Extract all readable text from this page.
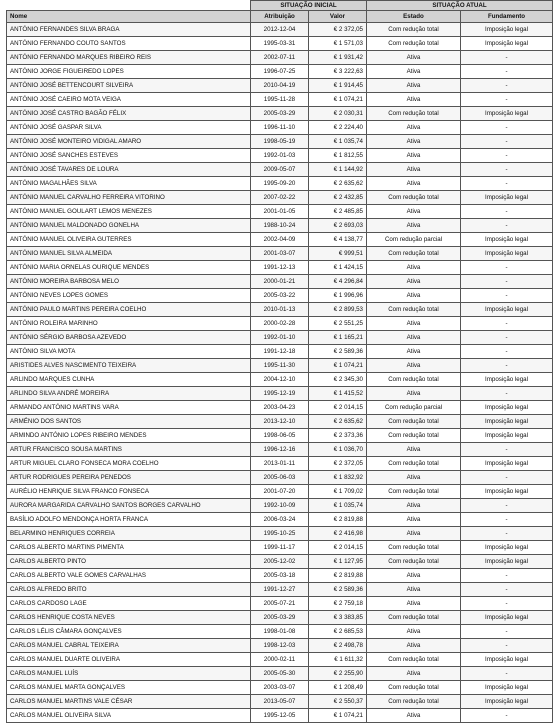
	SITUAÇÃO INICIAL		SITUAÇÃO ATUAL	
Nome	Atribuição	Valor	Estado	Fundamento
ANTÓNIO FERNANDES SILVA BRAGA	2012-12-04	€ 2 372,05	Com redução total	Imposição legal
ANTÓNIO FERNANDO COUTO SANTOS	1995-03-31	€ 1 571,03	Com redução total	Imposição legal
ANTÓNIO FERNANDO MARQUES RIBEIRO REIS	2002-07-11	€ 1 931,42	Ativa	-
ANTÓNIO JORGE FIGUEIREDO LOPES	1996-07-25	€ 3 222,63	Ativa	-
ANTÓNIO JOSÉ BETTENCOURT SILVEIRA	2010-04-19	€ 1 914,45	Ativa	-
ANTÓNIO JOSÉ CAEIRO MOTA VEIGA	1995-11-28	€ 1 074,21	Ativa	-
ANTÓNIO JOSÉ CASTRO BAGÃO FÉLIX	2005-03-29	€ 2 030,31	Com redução total	Imposição legal
ANTÓNIO JOSÉ GASPAR SILVA	1996-11-10	€ 2 224,40	Ativa	-
ANTÓNIO JOSÉ MONTEIRO VIDIGAL AMARO	1998-05-19	€ 1 035,74	Ativa	-
ANTÓNIO JOSÉ SANCHES ESTEVES	1992-01-03	€ 1 812,55	Ativa	-
ANTÓNIO JOSÉ TAVARES DE LOURA	2009-05-07	€ 1 144,92	Ativa	-
ANTÓNIO MAGALHÃES SILVA	1995-09-20	€ 2 635,62	Ativa	-
ANTÓNIO MANUEL CARVALHO FERREIRA VITORINO	2007-02-22	€ 2 432,85	Com redução total	Imposição legal
ANTÓNIO MANUEL GOULART LEMOS MENEZES	2001-01-05	€ 2 485,85	Ativa	-
ANTÓNIO MANUEL MALDONADO GONELHA	1988-10-24	€ 2 693,03	Ativa	-
ANTÓNIO MANUEL OLIVEIRA GUTERRES	2002-04-09	€ 4 138,77	Com redução parcial	Imposição legal
ANTÓNIO MANUEL SILVA ALMEIDA	2001-03-07	€ 999,51	Com redução total	Imposição legal
ANTÓNIO MARIA ORNELAS OURIQUE MENDES	1991-12-13	€ 1 424,15	Ativa	-
ANTÓNIO MOREIRA BARBOSA MELO	2000-01-21	€ 4 296,84	Ativa	-
ANTÓNIO NEVES LOPES GOMES	2005-03-22	€ 1 996,96	Ativa	-
ANTÓNIO PAULO MARTINS PEREIRA COELHO	2010-01-13	€ 2 899,53	Com redução total	Imposição legal
ANTÓNIO ROLEIRA MARINHO	2000-02-28	€ 2 551,25	Ativa	-
ANTÓNIO SÉRGIO BARBOSA AZEVEDO	1992-01-10	€ 1 165,21	Ativa	-
ANTÓNIO SILVA MOTA	1991-12-18	€ 2 589,36	Ativa	-
ARISTIDES ALVES NASCIMENTO TEIXEIRA	1995-11-30	€ 1 074,21	Ativa	-
ARLINDO MARQUES CUNHA	2004-12-10	€ 2 345,30	Com redução total	Imposição legal
ARLINDO SILVA ANDRÉ MOREIRA	1995-12-19	€ 1 415,52	Ativa	-
ARMANDO ANTÓNIO MARTINS VARA	2003-04-23	€ 2 014,15	Com redução parcial	Imposição legal
ARMÉNIO DOS SANTOS	2013-12-10	€ 2 635,62	Com redução total	Imposição legal
ARMINDO ANTÓNIO LOPES RIBEIRO MENDES	1998-06-05	€ 2 373,36	Com redução total	Imposição legal
ARTUR FRANCISCO SOUSA MARTINS	1996-12-16	€ 1 036,70	Ativa	-
ARTUR MIGUEL CLARO FONSECA MORA COELHO	2013-01-11	€ 2 372,05	Com redução total	Imposição legal
ARTUR RODRIGUES PEREIRA PENEDOS	2005-06-03	€ 1 832,92	Ativa	-
AURÉLIO HENRIQUE SILVA FRANCO FONSECA	2001-07-20	€ 1 709,02	Com redução total	Imposição legal
AURORA MARGARIDA CARVALHO SANTOS BORGES CARVALHO	1992-10-09	€ 1 035,74	Ativa	-
BASÍLIO ADOLFO MENDONÇA HORTA FRANCA	2006-03-24	€ 2 819,88	Ativa	-
BELARMINO HENRIQUES CORREIA	1995-10-25	€ 2 416,98	Ativa	-
CARLOS ALBERTO MARTINS PIMENTA	1999-11-17	€ 2 014,15	Com redução total	Imposição legal
CARLOS ALBERTO PINTO	2005-12-02	€ 1 127,95	Com redução total	Imposição legal
CARLOS ALBERTO VALE GOMES CARVALHAS	2005-03-18	€ 2 819,88	Ativa	-
CARLOS ALFREDO BRITO	1991-12-27	€ 2 589,36	Ativa	-
CARLOS CARDOSO LAGE	2005-07-21	€ 2 759,18	Ativa	-
CARLOS HENRIQUE COSTA NEVES	2005-03-29	€ 3 383,85	Com redução total	Imposição legal
CARLOS LÉLIS CÂMARA GONÇALVES	1998-01-08	€ 2 685,53	Ativa	-
CARLOS MANUEL CABRAL TEIXEIRA	1998-12-03	€ 2 498,78	Ativa	-
CARLOS MANUEL DUARTE OLIVEIRA	2000-02-11	€ 1 611,32	Com redução total	Imposição legal
CARLOS MANUEL LUÍS	2005-05-30	€ 2 255,90	Ativa	-
CARLOS MANUEL MARTA GONÇALVES	2003-03-07	€ 1 208,49	Com redução total	Imposição legal
CARLOS MANUEL MARTINS VALE CÉSAR	2013-05-07	€ 2 550,37	Com redução total	Imposição legal
CARLOS MANUEL OLIVEIRA SILVA	1995-12-05	€ 1 074,21	Ativa	-
